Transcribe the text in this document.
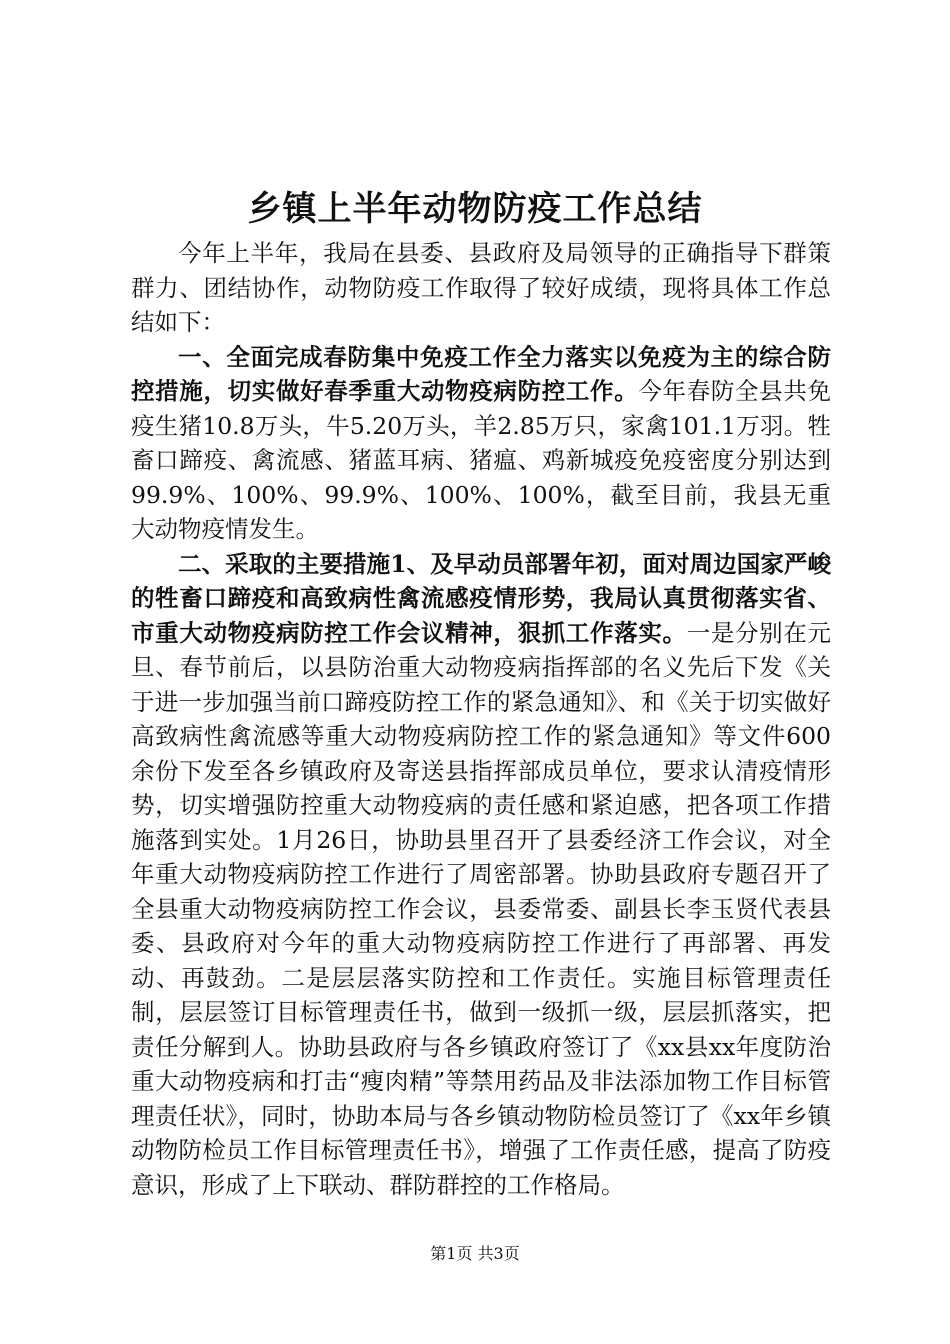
乡镇上半年动物防疫工作总结

今年上半年，我局在县委、县政府及局领导的正确指导下群策群力、团结协作，动物防疫工作取得了较好成绩，现将具体工作总结如下：

一、全面完成春防集中免疫工作全力落实以免疫为主的综合防控措施，切实做好春季重大动物疫病防控工作。今年春防全县共免疫生猪10.8万头，牛5.20万头，羊2.85万只，家禽101.1万羽。牲畜口蹄疫、禽流感、猪蓝耳病、猪瘟、鸡新城疫免疫密度分别达到99.9%、100%、99.9%、100%、100%，截至目前，我县无重大动物疫情发生。

二、采取的主要措施1、及早动员部署年初，面对周边国家严峻的牲畜口蹄疫和高致病性禽流感疫情形势，我局认真贯彻落实省、市重大动物疫病防控工作会议精神，狠抓工作落实。一是分别在元旦、春节前后，以县防治重大动物疫病指挥部的名义先后下发《关于进一步加强当前口蹄疫防控工作的紧急通知》、和《关于切实做好高致病性禽流感等重大动物疫病防控工作的紧急通知》等文件600余份下发至各乡镇政府及寄送县指挥部成员单位，要求认清疫情形势，切实增强防控重大动物疫病的责任感和紧迫感，把各项工作措施落到实处。1月26日，协助县里召开了县委经济工作会议，对全年重大动物疫病防控工作进行了周密部署。协助县政府专题召开了全县重大动物疫病防控工作会议，县委常委、副县长李玉贤代表县委、县政府对今年的重大动物疫病防控工作进行了再部署、再发动、再鼓劲。二是层层落实防控和工作责任。实施目标管理责任制，层层签订目标管理责任书，做到一级抓一级，层层抓落实，把责任分解到人。协助县政府与各乡镇政府签订了《xx县xx年度防治重大动物疫病和打击“瘦肉精”等禁用药品及非法添加物工作目标管理责任状》，同时，协助本局与各乡镇动物防检员签订了《xx年乡镇动物防检员工作目标管理责任书》，增强了工作责任感，提高了防疫意识，形成了上下联动、群防群控的工作格局。

第1页 共3页
